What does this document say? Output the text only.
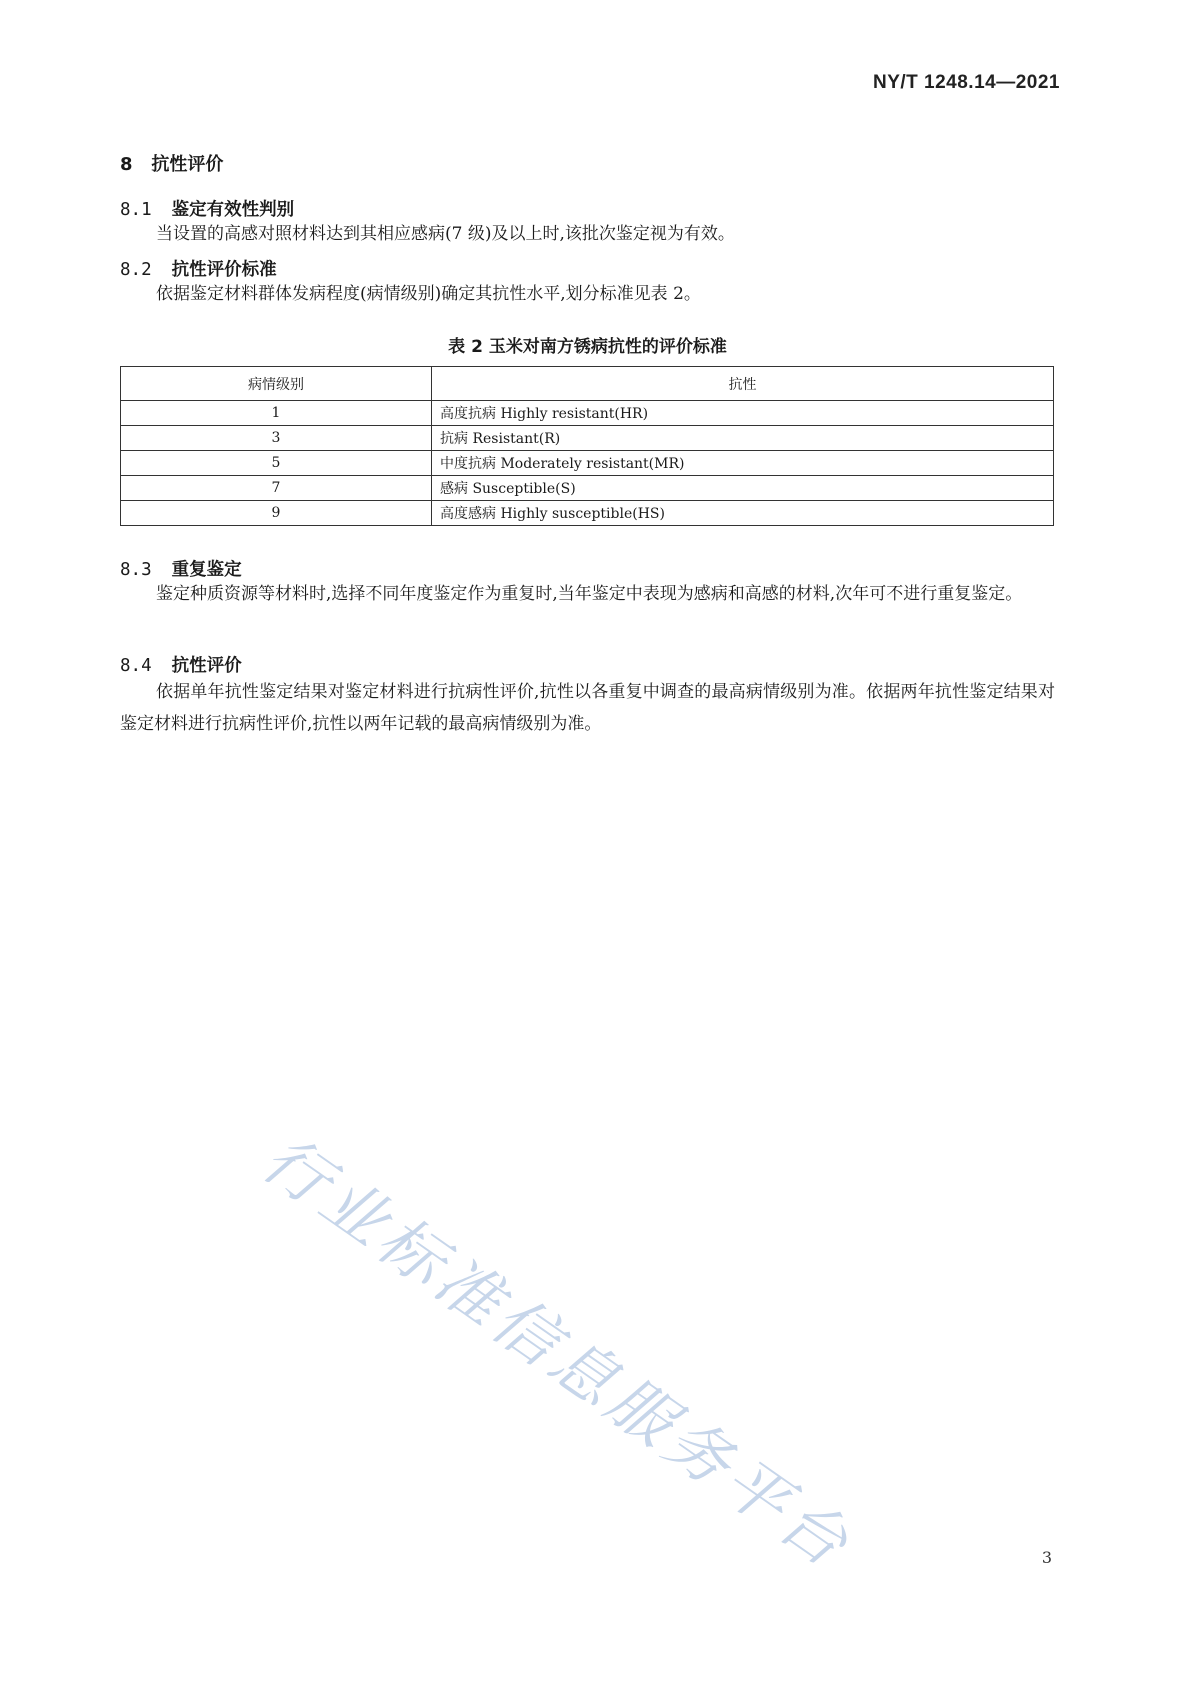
NY/T 1248.14—2021
8 抗性评价
8.1 鉴定有效性判别
当设置的高感对照材料达到其相应感病(7 级)及以上时,该批次鉴定视为有效。
8.2 抗性评价标准
依据鉴定材料群体发病程度(病情级别)确定其抗性水平,划分标准见表 2。
表 2 玉米对南方锈病抗性的评价标准
病情级别	抗性
1	高度抗病 Highly resistant(HR)
3	抗病 Resistant(R)
5	中度抗病 Moderately resistant(MR)
7	感病 Susceptible(S)
9	高度感病 Highly susceptible(HS)
8.3 重复鉴定
鉴定种质资源等材料时,选择不同年度鉴定作为重复时,当年鉴定中表现为感病和高感的材料,次年可不进行重复鉴定。
8.4 抗性评价
依据单年抗性鉴定结果对鉴定材料进行抗病性评价,抗性以各重复中调查的最高病情级别为准。依据两年抗性鉴定结果对鉴定材料进行抗病性评价,抗性以两年记载的最高病情级别为准。
行业标准信息服务平台	3
